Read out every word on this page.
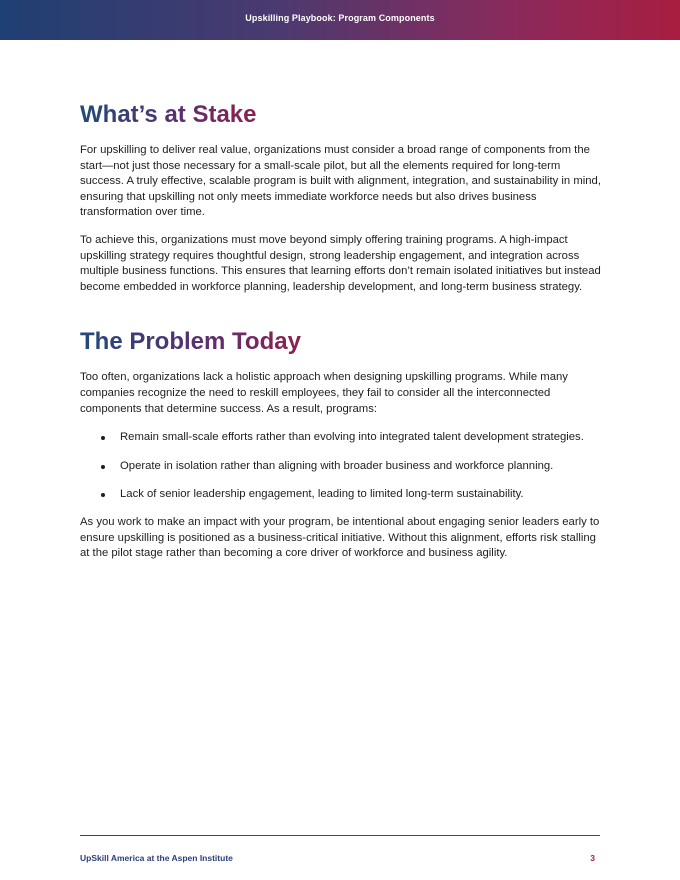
Upskilling Playbook: Program Components
What’s at Stake

For upskilling to deliver real value, organizations must consider a broad range of components from the start—not just those necessary for a small-scale pilot, but all the elements required for long-term success. A truly effective, scalable program is built with alignment, integration, and sustainability in mind, ensuring that upskilling not only meets immediate workforce needs but also drives business transformation over time.

To achieve this, organizations must move beyond simply offering training programs. A high-impact upskilling strategy requires thoughtful design, strong leadership engagement, and integration across multiple business functions. This ensures that learning efforts don’t remain isolated initiatives but instead become embedded in workforce planning, leadership development, and long-term business strategy.

The Problem Today

Too often, organizations lack a holistic approach when designing upskilling programs. While many companies recognize the need to reskill employees, they fail to consider all the interconnected components that determine success. As a result, programs:

Remain small-scale efforts rather than evolving into integrated talent development strategies.
Operate in isolation rather than aligning with broader business and workforce planning.
Lack of senior leadership engagement, leading to limited long-term sustainability.

As you work to make an impact with your program, be intentional about engaging senior leaders early to ensure upskilling is positioned as a business-critical initiative. Without this alignment, efforts risk stalling at the pilot stage rather than becoming a core driver of workforce and business agility.

UpSkill America at the Aspen Institute	3
